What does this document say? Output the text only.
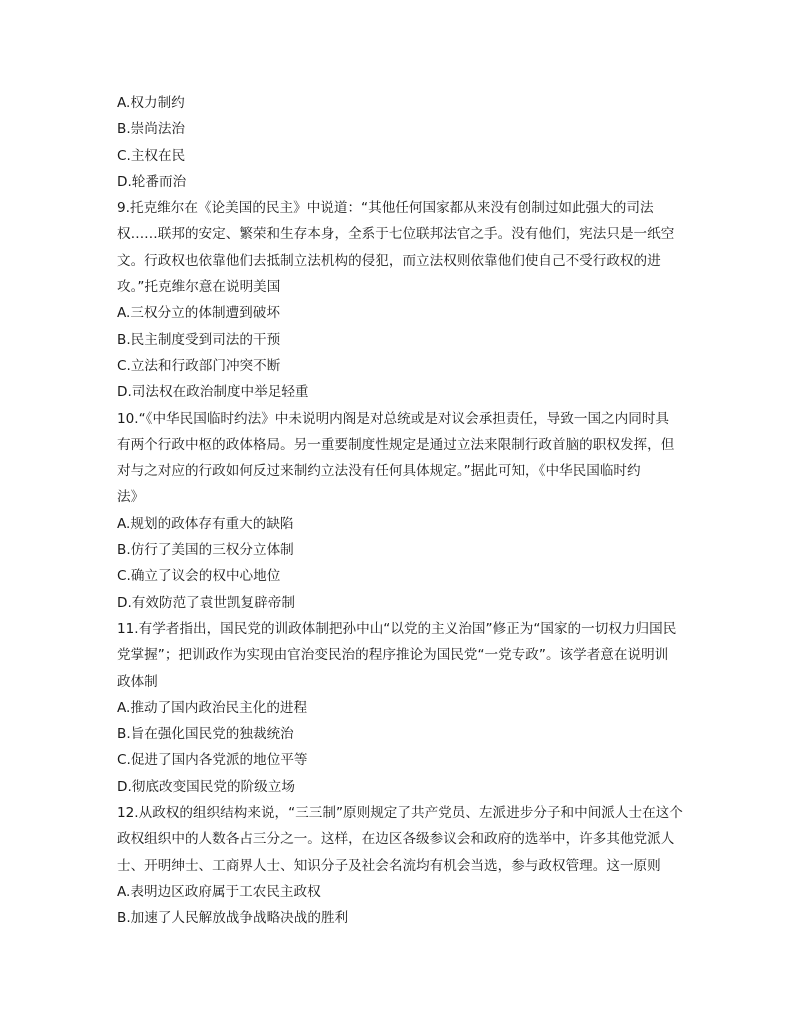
A.权力制约
B.崇尚法治
C.主权在民
D.轮番而治
9.托克维尔在《论美国的民主》中说道：“其他任何国家都从来没有创制过如此强大的司法
权……联邦的安定、繁荣和生存本身，全系于七位联邦法官之手。没有他们，宪法只是一纸空
文。行政权也依靠他们去抵制立法机构的侵犯，而立法权则依靠他们使自己不受行政权的进
攻。”托克维尔意在说明美国
A.三权分立的体制遭到破坏
B.民主制度受到司法的干预
C.立法和行政部门冲突不断
D.司法权在政治制度中举足轻重
10.“《中华民国临时约法》中未说明内阁是对总统或是对议会承担责任，导致一国之内同时具
有两个行政中枢的政体格局。另一重要制度性规定是通过立法来限制行政首脑的职权发挥，但
对与之对应的行政如何反过来制约立法没有任何具体规定。”据此可知，《中华民国临时约
法》
A.规划的政体存有重大的缺陷
B.仿行了美国的三权分立体制
C.确立了议会的权中心地位
D.有效防范了袁世凯复辟帝制
11.有学者指出，国民党的训政体制把孙中山“以党的主义治国”修正为“国家的一切权力归国民
党掌握”；把训政作为实现由官治变民治的程序推论为国民党“一党专政”。该学者意在说明训
政体制
A.推动了国内政治民主化的进程
B.旨在强化国民党的独裁统治
C.促进了国内各党派的地位平等
D.彻底改变国民党的阶级立场
12.从政权的组织结构来说，“三三制”原则规定了共产党员、左派进步分子和中间派人士在这个
政权组织中的人数各占三分之一。这样，在边区各级参议会和政府的选举中，许多其他党派人
士、开明绅士、工商界人士、知识分子及社会名流均有机会当选，参与政权管理。这一原则
A.表明边区政府属于工农民主政权
B.加速了人民解放战争战略决战的胜利
